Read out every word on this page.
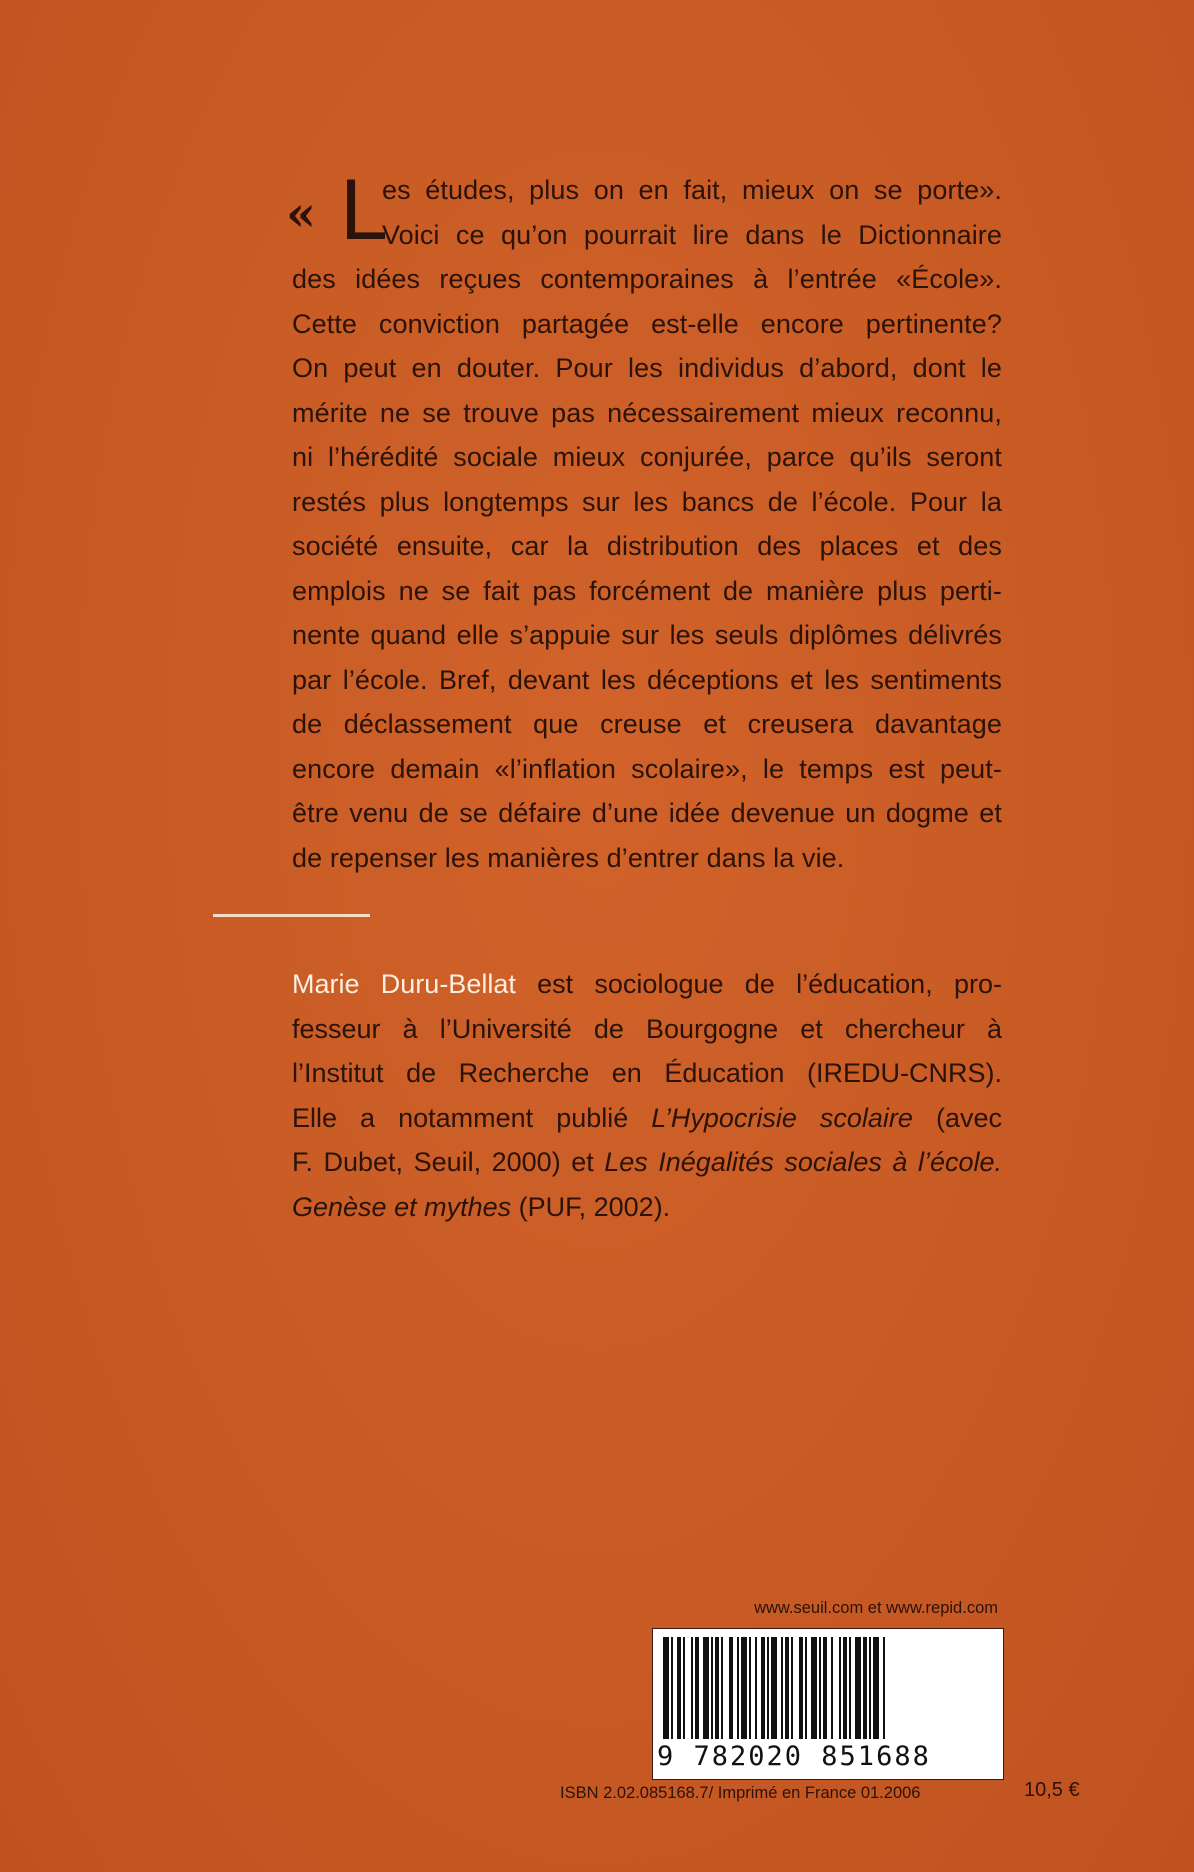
« L
es études, plus on en fait, mieux on se porte».
Voici ce qu’on pourrait lire dans le Dictionnaire
des idées reçues contemporaines à l’entrée «École».
Cette conviction partagée est-elle encore pertinente?
On peut en douter. Pour les individus d’abord, dont le
mérite ne se trouve pas nécessairement mieux reconnu,
ni l’hérédité sociale mieux conjurée, parce qu’ils seront
restés plus longtemps sur les bancs de l’école. Pour la
société ensuite, car la distribution des places et des
emplois ne se fait pas forcément de manière plus perti-
nente quand elle s’appuie sur les seuls diplômes délivrés
par l’école. Bref, devant les déceptions et les sentiments
de déclassement que creuse et creusera davantage
encore demain «l’inflation scolaire», le temps est peut-
être venu de se défaire d’une idée devenue un dogme et
de repenser les manières d’entrer dans la vie.
Marie Duru-Bellat est sociologue de l’éducation, pro-
fesseur à l’Université de Bourgogne et chercheur à
l’Institut de Recherche en Éducation (IREDU-CNRS).
Elle a notamment publié L’Hypocrisie scolaire (avec
F. Dubet, Seuil, 2000) et Les Inégalités sociales à l’école.
Genèse et mythes (PUF, 2002).
www.seuil.com et www.repid.com
9 782020 851688
ISBN 2.02.085168.7/ Imprimé en France 01.2006	10,5 €
